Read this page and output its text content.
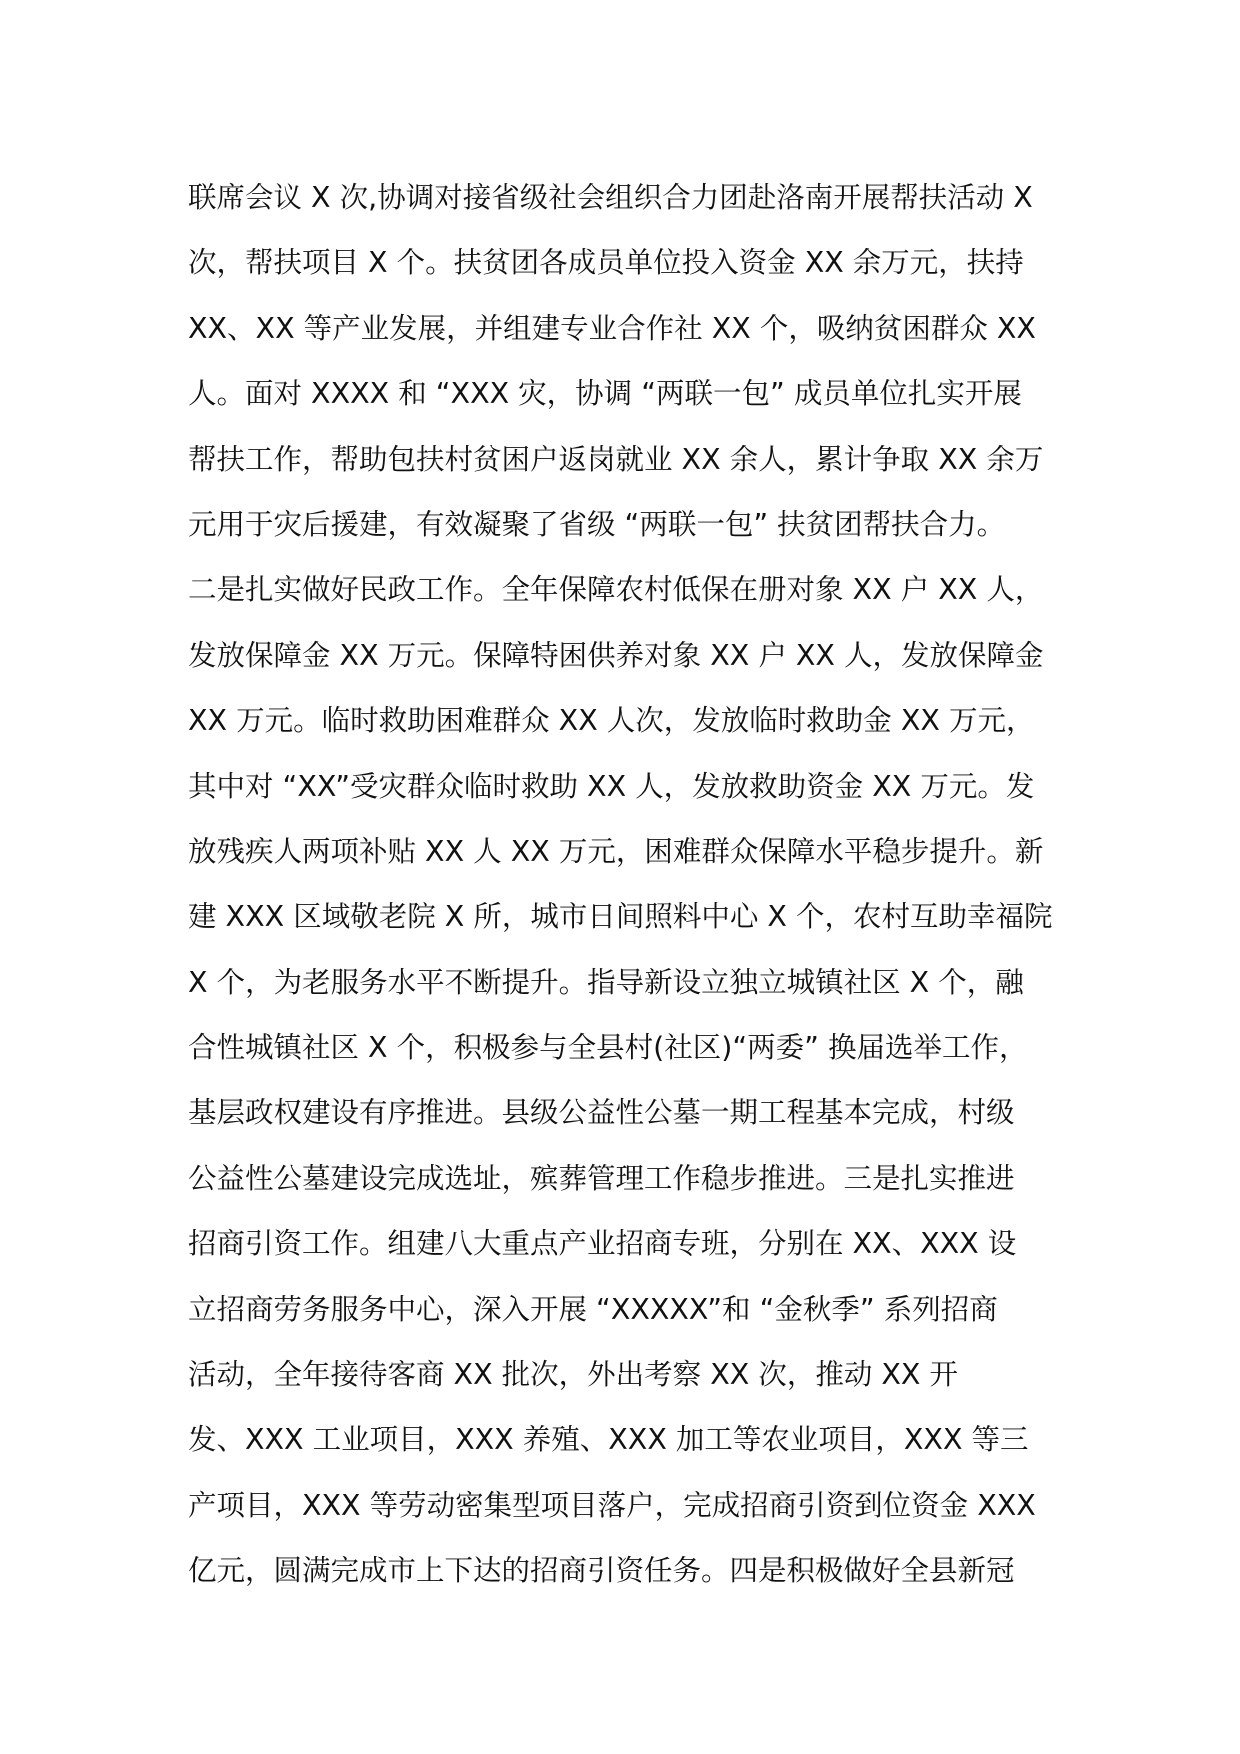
联席会议 X 次,协调对接省级社会组织合力团赴洛南开展帮扶活动 X
次，帮扶项目 X 个。扶贫团各成员单位投入资金 XX 余万元，扶持
XX、XX 等产业发展，并组建专业合作社 XX 个，吸纳贫困群众 XX
人。面对 XXXX 和 “XXX 灾，协调 “两联一包” 成员单位扎实开展
帮扶工作，帮助包扶村贫困户返岗就业 XX 余人，累计争取 XX 余万
元用于灾后援建，有效凝聚了省级 “两联一包” 扶贫团帮扶合力。
二是扎实做好民政工作。全年保障农村低保在册对象 XX 户 XX 人，
发放保障金 XX 万元。保障特困供养对象 XX 户 XX 人，发放保障金
XX 万元。临时救助困难群众 XX 人次，发放临时救助金 XX 万元，
其中对 “XX”受灾群众临时救助 XX 人，发放救助资金 XX 万元。发
放残疾人两项补贴 XX 人 XX 万元，困难群众保障水平稳步提升。新
建 XXX 区域敬老院 X 所，城市日间照料中心 X 个，农村互助幸福院
X 个，为老服务水平不断提升。指导新设立独立城镇社区 X 个，融
合性城镇社区 X 个，积极参与全县村(社区)“两委” 换届选举工作，
基层政权建设有序推进。县级公益性公墓一期工程基本完成，村级
公益性公墓建设完成选址，殡葬管理工作稳步推进。三是扎实推进
招商引资工作。组建八大重点产业招商专班，分别在 XX、XXX 设
立招商劳务服务中心，深入开展 “XXXXX”和 “金秋季” 系列招商
活动，全年接待客商 XX 批次，外出考察 XX 次，推动 XX 开
发、XXX 工业项目，XXX 养殖、XXX 加工等农业项目，XXX 等三
产项目，XXX 等劳动密集型项目落户，完成招商引资到位资金 XXX
亿元，圆满完成市上下达的招商引资任务。四是积极做好全县新冠
